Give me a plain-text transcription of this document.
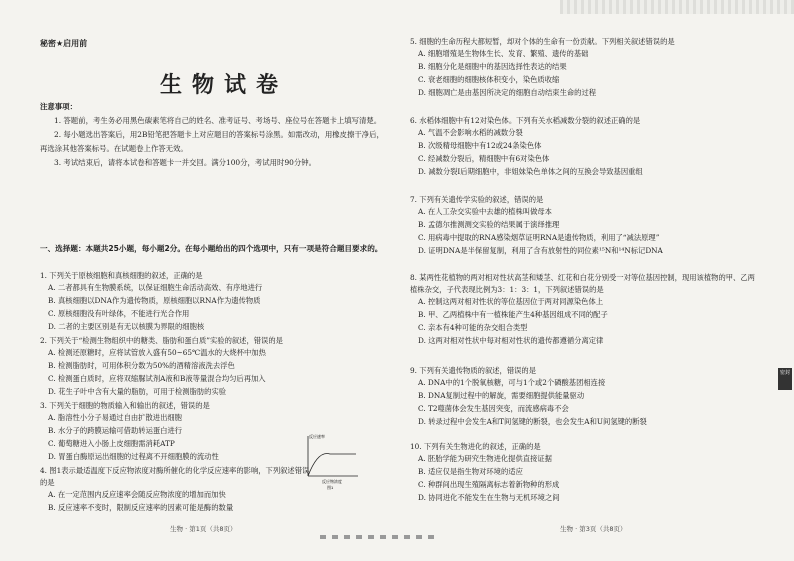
秘密★启用前
生物试卷
注意事项：

1. 答题前，考生务必用黑色碳素笔将自己的姓名、准考证号、考场号、座位号在答题卡上填写清楚。

2. 每小题选出答案后，用2B铅笔把答题卡上对应题目的答案标号涂黑。如需改动，用橡皮擦干净后，再选涂其他答案标号。在试题卷上作答无效。

3. 考试结束后，请将本试卷和答题卡一并交回。满分100分，考试用时90分钟。

一、选择题：本题共25小题，每小题2分。在每小题给出的四个选项中，只有一项是符合题目要求的。

1. 下列关于原核细胞和真核细胞的叙述，正确的是

A. 二者都具有生物膜系统，以保证细胞生命活动高效、有序地进行

B. 真核细胞以DNA作为遗传物质，原核细胞以RNA作为遗传物质

C. 原核细胞没有叶绿体，不能进行光合作用

D. 二者的主要区别是有无以核膜为界限的细胞核

2. 下列关于“检测生物组织中的糖类、脂肪和蛋白质”实验的叙述，错误的是

A. 检测还原糖时，应将试管放入盛有50~65℃温水的大烧杯中加热

B. 检测脂肪时，可用体积分数为50%的酒精溶液洗去浮色

C. 检测蛋白质时，应将双缩脲试剂A液和B液等量混合均匀后再加入

D. 花生子叶中含有大量的脂肪，可用于检测脂肪的实验

3. 下列关于细胞的物质输入和输出的叙述，错误的是

A. 脂溶性小分子易通过自由扩散进出细胞

B. 水分子的跨膜运输可借助转运蛋白进行

C. 葡萄糖进入小肠上皮细胞需消耗ATP

D. 胃蛋白酶原运出细胞的过程离不开细胞膜的流动性

4. 图1表示最适温度下反应物浓度对酶所催化的化学反应速率的影响，下列叙述错误的是

A. 在一定范围内反应速率会随反应物浓度的增加而加快

B. 反应速率不变时，限制反应速率的因素可能是酶的数量

反应速率
反应物浓度
图1

5. 细胞的生命历程大都短暂，却对个体的生命有一份贡献。下列相关叙述错误的是

A. 细胞增殖是生物体生长、发育、繁殖、遗传的基础

B. 细胞分化是细胞中的基因选择性表达的结果

C. 衰老细胞的细胞核体积变小，染色质收缩

D. 细胞凋亡是由基因所决定的细胞自动结束生命的过程

6. 水稻体细胞中有12对染色体。下列有关水稻减数分裂的叙述正确的是

A. 气温不会影响水稻的减数分裂

B. 次级精母细胞中有12或24条染色体

C. 经减数分裂后，精细胞中有6对染色体

D. 减数分裂Ⅰ后期细胞中，非姐妹染色单体之间的互换会导致基因重组

7. 下列有关遗传学实验的叙述，错误的是

A. 在人工杂交实验中去雄的植株叫做母本

B. 孟德尔推测测交实验的结果属于演绎推理

C. 用病毒中提取的RNA感染烟草证明RNA是遗传物质，利用了“减法原理”

D. 证明DNA是半保留复制，利用了含有放射性的同位素¹⁵N和¹⁴N标记DNA

8. 某两性花植物的两对相对性状高茎和矮茎、红花和白花分别受一对等位基因控制，现用该植物的甲、乙两植株杂交，子代表现比例为3：1：3：1，下列叙述错误的是

A. 控制这两对相对性状的等位基因位于两对同源染色体上

B. 甲、乙两植株中有一植株能产生4种基因组成不同的配子

C. 亲本有4种可能的杂交组合类型

D. 这两对相对性状中每对相对性状的遗传都遵循分离定律

9. 下列有关遗传物质的叙述，错误的是

A. DNA中的1个脱氧核糖，可与1个或2个磷酸基团相连接

B. DNA复制过程中的解旋，需要细胞提供能量驱动

C. T2噬菌体会发生基因突变，而流感病毒不会

D. 转录过程中会发生A和T间氢键的断裂，也会发生A和U间氢键的断裂

10. 下列有关生物进化的叙述，正确的是

A. 胚胎学能为研究生物进化提供直接证据

B. 适应仅是指生物对环境的适应

C. 种群间出现生殖隔离标志着新物种的形成

D. 协同进化不能发生在生物与无机环境之间

生物 · 第1页（共8页）	生物 · 第3页（共8页）
密封
